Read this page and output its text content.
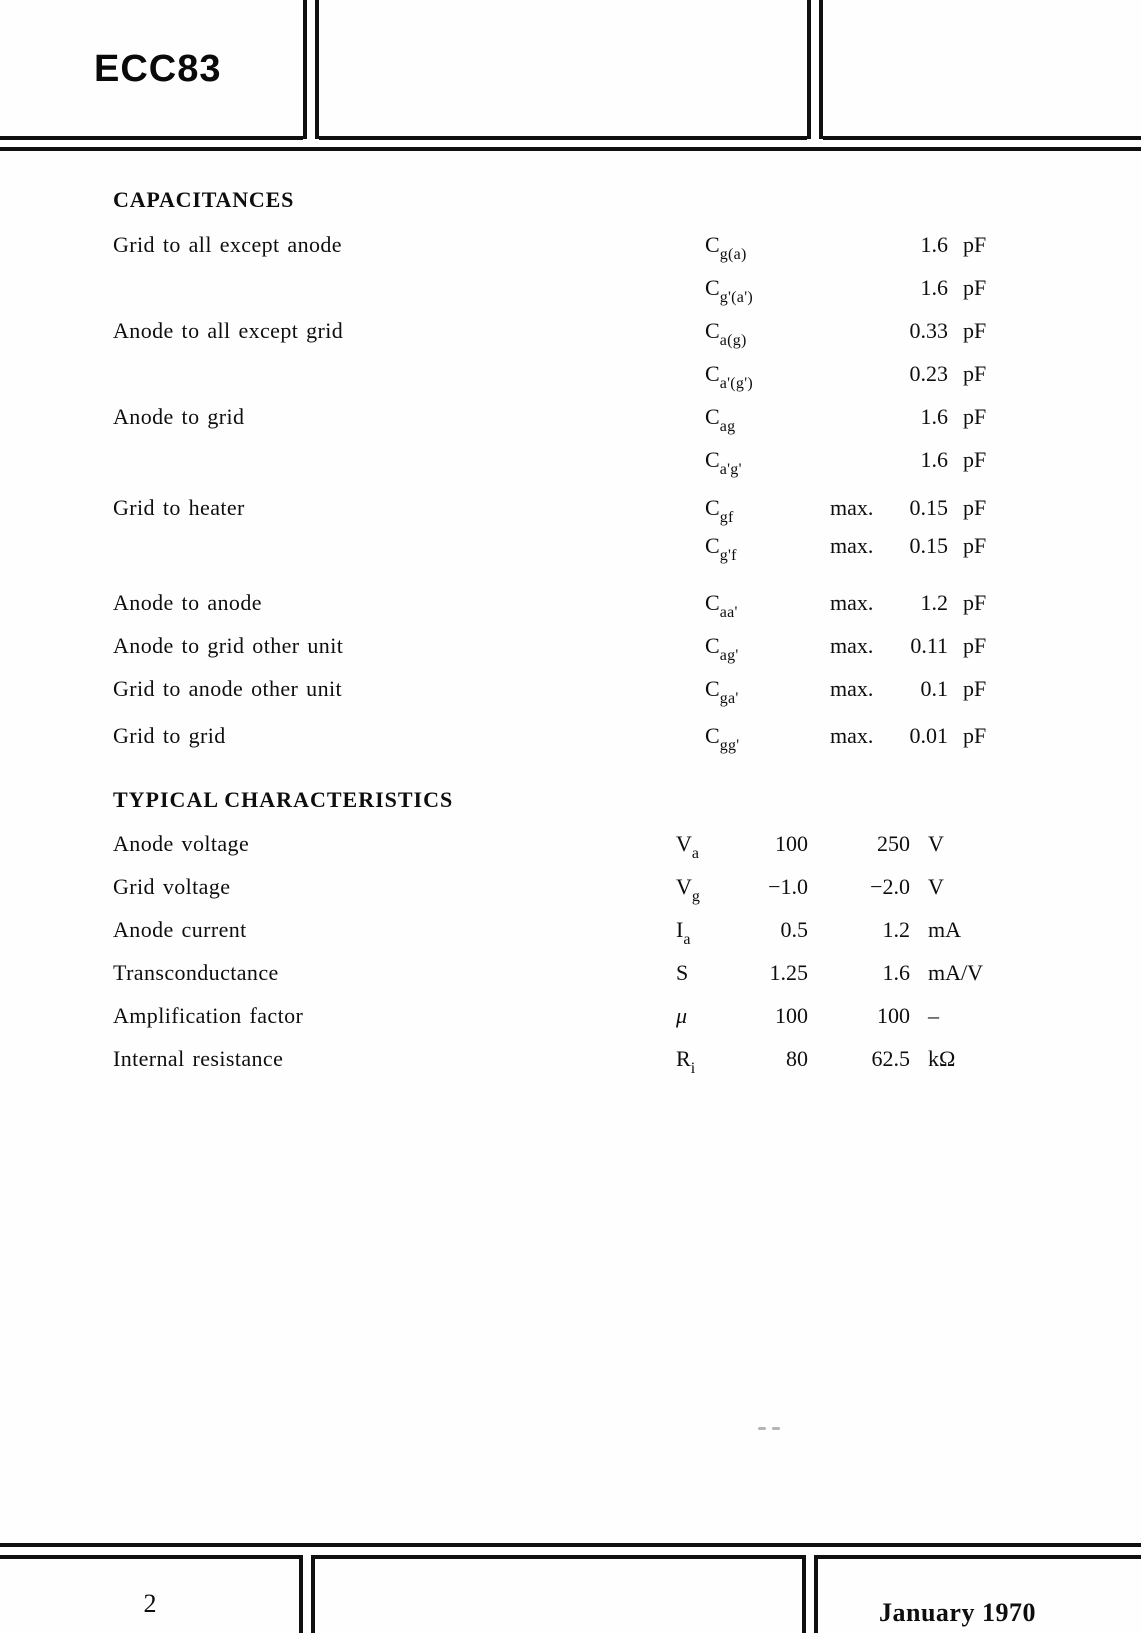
ECC83
CAPACITANCES
Grid to all except anode	$C_{g(a)}$	1.6 pF
$C_{g'(a')}$	1.6 pF
Anode to all except grid	$C_{a(g)}$	0.33 pF
$C_{a'(g')}$	0.23 pF
Anode to grid	$C_{ag}$	1.6 pF
$C_{a'g'}$	1.6 pF
Grid to heater	$C_{gf}$	max.	0.15 pF
$C_{g'f}$	max.	0.15 pF
Anode to anode	$C_{aa'}$	max.	1.2 pF
Anode to grid other unit	$C_{ag'}$	max.	0.11 pF
Grid to anode other unit	$C_{ga'}$	max.	0.1 pF
Grid to grid	$C_{gg'}$	max.	0.01 pF
TYPICAL CHARACTERISTICS
Anode voltage	$V_a$	100	250 V
Grid voltage	$V_g$	−1.0	−2.0 V
Anode current	$I_a$	0.5	1.2 mA
Transconductance	S	1.25	1.6 mA/V
Amplification factor	μ	100	100 –
Internal resistance	$R_i$	80	62.5 kΩ
2	January 1970
